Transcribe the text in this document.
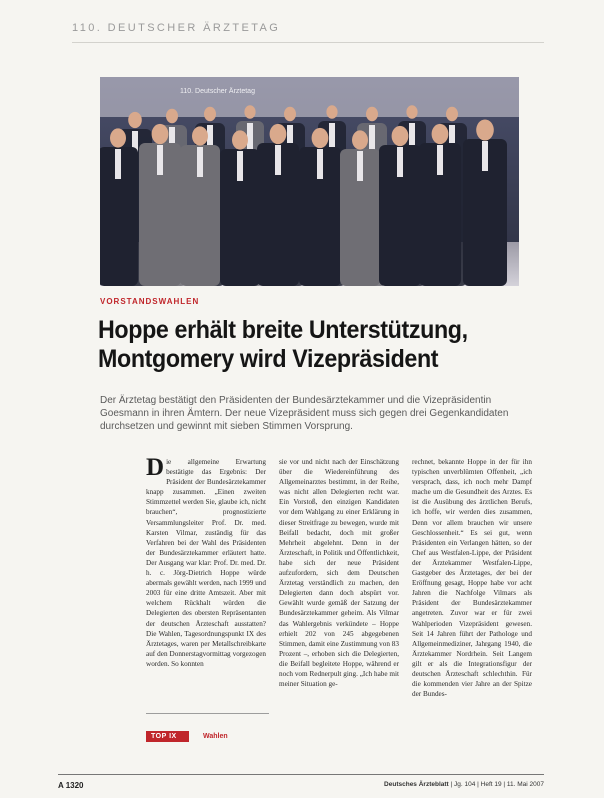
110. DEUTSCHER ÄRZTETAG
110. Deutscher Ärztetag
VORSTANDSWAHLEN
Hoppe erhält breite Unterstützung,
Montgomery wird Vizepräsident
Der Ärztetag bestätigt den Präsidenten der Bundesärztekammer und die Vizepräsidentin Goesmann in ihren Ämtern. Der neue Vizepräsident muss sich gegen drei Gegenkandidaten durchsetzen und gewinnt mit sieben Stimmen Vorsprung.

Die allgemeine Erwartung bestätigte das Ergebnis: Der Präsident der Bundesärztekammer knapp zusammen. „Einen zweiten Stimmzettel werden Sie, glaube ich, nicht brauchen“, prognostizierte Versammlungsleiter Prof. Dr. med. Karsten Vilmar, zuständig für das Verfahren bei der Wahl des Präsidenten der Bundesärztekammer erläutert hatte. Der Ausgang war klar: Prof. Dr. med. Dr. h. c. Jörg-Dietrich Hoppe würde abermals gewählt werden, nach 1999 und 2003 für eine dritte Amtszeit. Aber mit welchem Rückhalt würden die Delegierten des obersten Repräsentanten der deutschen Ärzteschaft ausstatten? Die Wahlen, Tagesordnungspunkt IX des Ärztetages, waren per Metallschreibkarte auf den Donnerstagvormittag vorgezogen worden. So konnten

sie vor und nicht nach der Einschätzung über die Wiedereinführung des Allgemeinarztes bestimmt, in der Reihe, was nicht allen Delegierten recht war. Ein Vorstoß, den einzigen Kandidaten vor dem Wahlgang zu einer Erklärung in dieser Streitfrage zu bewegen, wurde mit Beifall bedacht, doch mit großer Mehrheit abgelehnt. Denn in der Ärzteschaft, in Politik und Öffentlichkeit, habe sich der neue Präsident aufzufordern, sich dem Deutschen Ärztetag verständlich zu machen, den Delegierten dann doch abspürt vor. Gewählt wurde gemäß der Satzung der Bundesärztekammer geheim. Als Vilmar das Wahlergebnis verkündete – Hoppe erhielt 202 von 245 abgegebenen Stimmen, damit eine Zustimmung von 83 Prozent –, erhoben sich die Delegierten, die Beifall begleitete Hoppe, während er noch vom Rednerpult ging. „Ich habe mit meiner Situation ge-

rechnet, bekannte Hoppe in der für ihn typischen unverblümten Offenheit, „ich versprach, dass, ich noch mehr Dampf mache um die Gesundheit des Arztes. Es ist die Ausübung des ärztlichen Berufs, ich hoffe, wir werden dies zusammen, Denn vor allem brauchen wir unsere Geschlossenheit.“ Es sei gut, wenn Präsidenten ein Verlangen hätten, so der Chef aus Westfalen-Lippe, der Präsident der Ärztekammer Westfalen-Lippe, Gastgeber des Ärztetages, der bei der Eröffnung gesagt, Hoppe habe vor acht Jahren die Nachfolge Vilmars als Präsident der Bundesärztekammer angetreten. Zuvor war er für zwei Wahlperioden Vizepräsident gewesen. Seit 14 Jahren führt der Pathologe und Allgemeinmediziner, Jahrgang 1940, die Ärztekammer Nordrhein. Seit Langem gilt er als die Integrationsfigur der deutschen Ärzteschaft schlechthin. Für die kommenden vier Jahre an der Spitze der Bundes-

TOP IX	Wahlen
A 1320	Deutsches Ärzteblatt | Jg. 104 | Heft 19 | 11. Mai 2007
